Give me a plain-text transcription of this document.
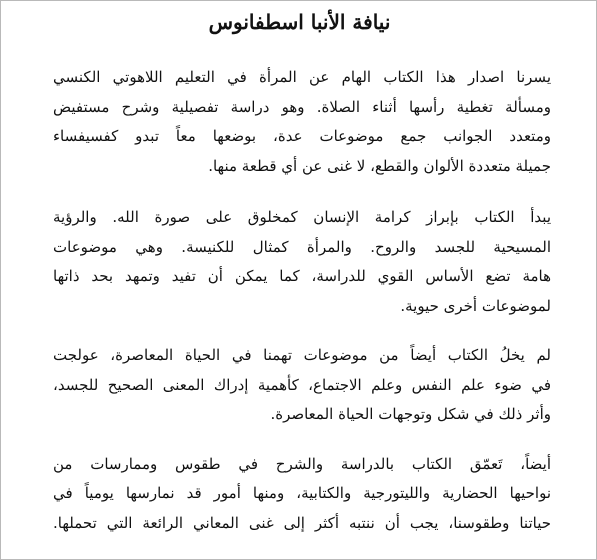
نيافة الأنبا اسطفانوس
يسرنا اصدار هذا الكتاب الهام عن المرأة في التعليم اللاهوتي الكنسي
ومسألة تغطية رأسها أثناء الصلاة. وهو دراسة تفصيلية وشرح مستفيض
ومتعدد الجوانب جمع موضوعات عدة، بوضعها معاً تبدو كفسيفساء
جميلة متعددة الألوان والقطع، لا غنى عن أي قطعة منها.
يبدأ الكتاب بإبراز كرامة الإنسان كمخلوق على صورة الله. والرؤية
المسيحية للجسد والروح. والمرأة كمثال للكنيسة. وهي موضوعات
هامة تضع الأساس القوي للدراسة، كما يمكن أن تفيد وتمهد بحد ذاتها
لموضوعات أخرى حيوية.
لم يخلُ الكتاب أيضاً من موضوعات تهمنا في الحياة المعاصرة، عولجت
في ضوء علم النفس وعلم الاجتماع، كأهمية إدراك المعنى الصحيح للجسد،
وأثر ذلك في شكل وتوجهات الحياة المعاصرة.
أيضاً، تَعمّق الكتاب بالدراسة والشرح في طقوس وممارسات من
نواحيها الحضارية والليتورجية والكتابية، ومنها أمور قد نمارسها يومياً في
حياتنا وطقوسنا، يجب أن ننتبه أكثر إلى غنى المعاني الرائعة التي تحملها.
